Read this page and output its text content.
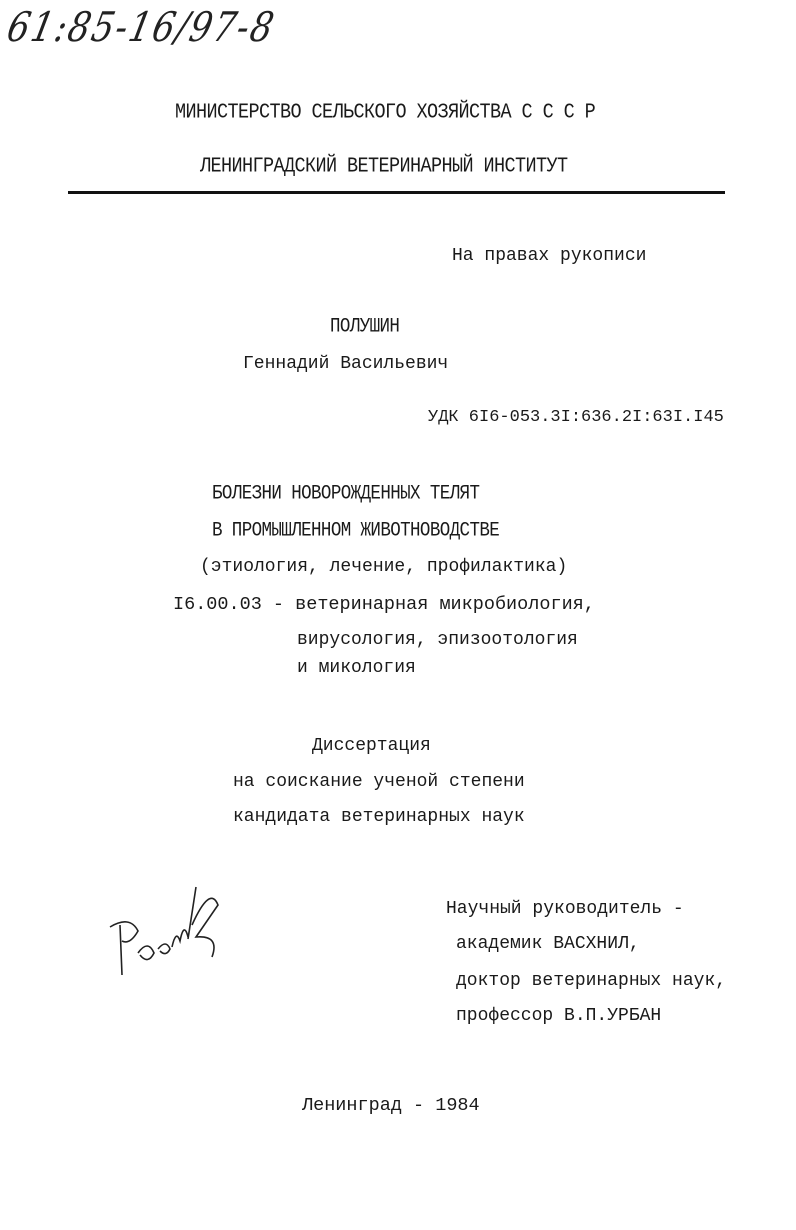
61:85-16/97-8
МИНИСТЕРСТВО СЕЛЬСКОГО ХОЗЯЙСТВА С С С Р
ЛЕНИНГРАДСКИЙ ВЕТЕРИНАРНЫЙ ИНСТИТУТ
На правах рукописи
ПОЛУШИН
Геннадий Васильевич
УДК 6I6-053.3I:636.2I:63I.I45
БОЛЕЗНИ НОВОРОЖДЕННЫХ ТЕЛЯТ
В ПРОМЫШЛЕННОМ ЖИВОТНОВОДСТВЕ
(этиология, лечение, профилактика)
I6.00.03 - ветеринарная микробиология,
вирусология, эпизоотология
и микология
Диссертация
на соискание ученой степени
кандидата ветеринарных наук
Научный руководитель -
академик ВАСХНИЛ,
доктор ветеринарных наук,
профессор В.П.УРБАН
Ленинград - 1984
